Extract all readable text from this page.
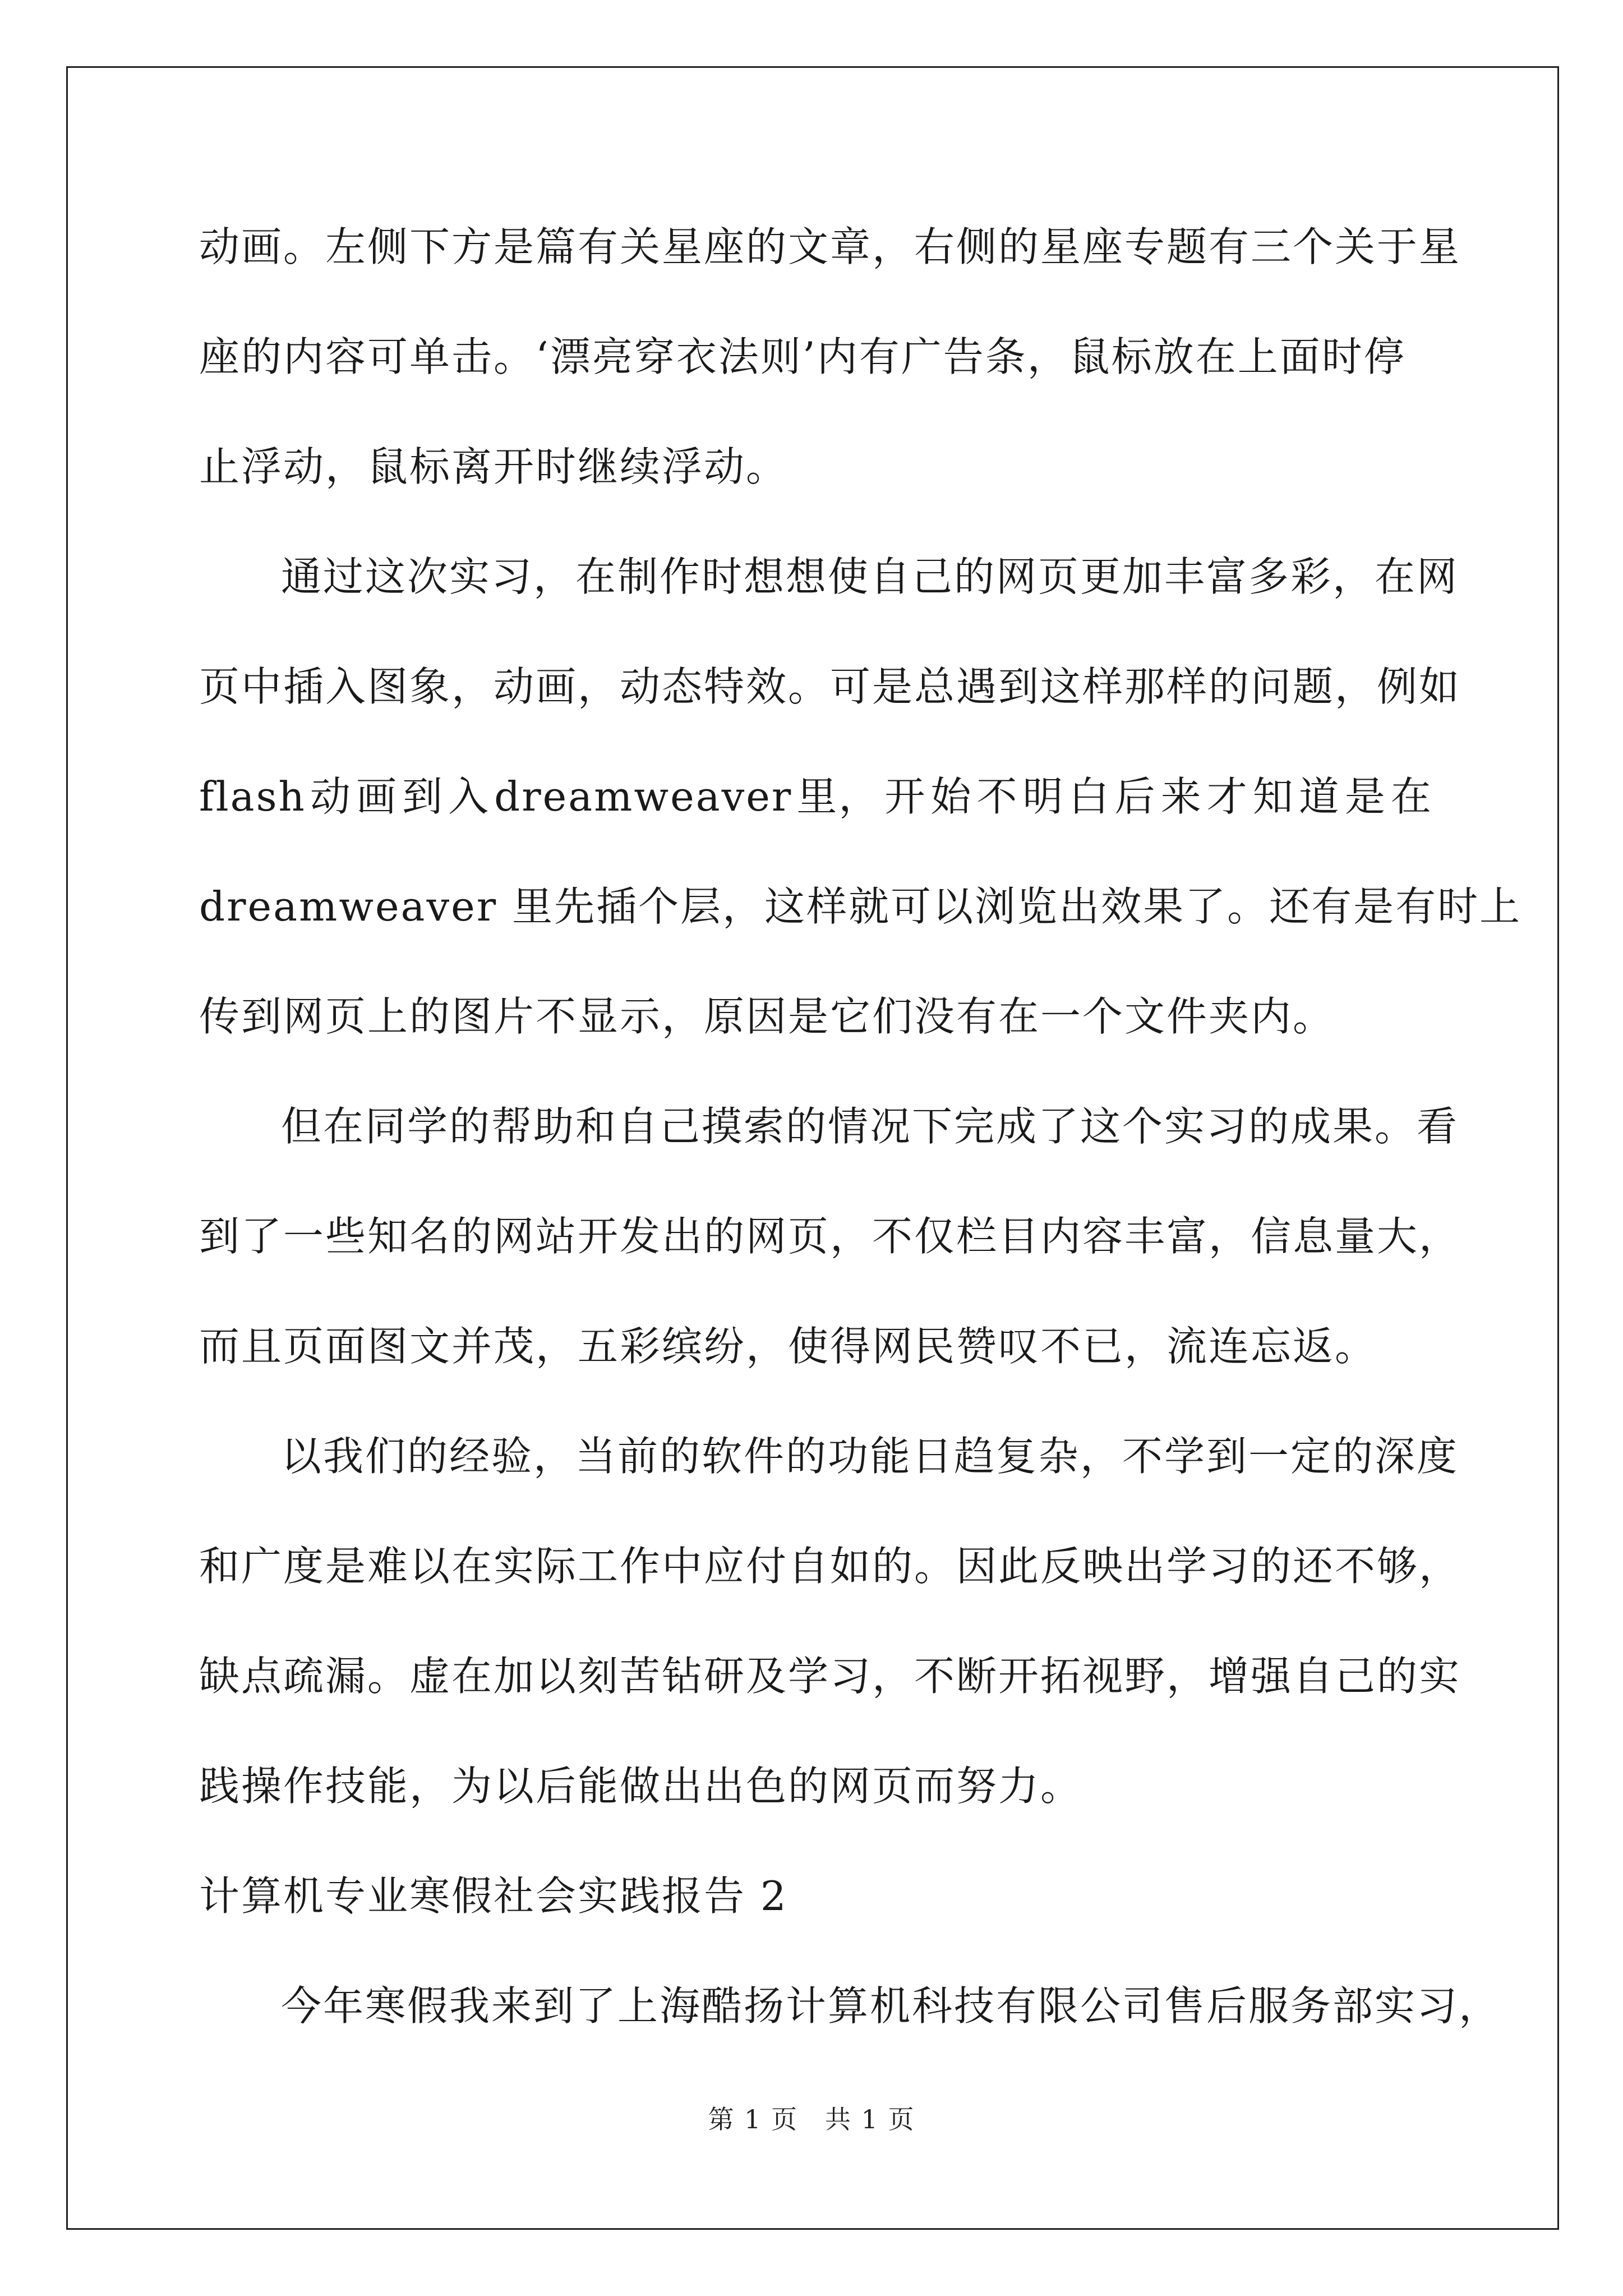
动画。左侧下方是篇有关星座的文章，右侧的星座专题有三个关于星
座的内容可单击。‘漂亮穿衣法则’内有广告条，鼠标放在上面时停
止浮动，鼠标离开时继续浮动。
通过这次实习，在制作时想想使自己的网页更加丰富多彩，在网
页中插入图象，动画，动态特效。可是总遇到这样那样的问题，例如
flash 动 画 到 入 dreamweaver 里， 开 始 不 明 白 后 来 才 知 道 是 在
dreamweaver 里先插个层，这样就可以浏览出效果了。还有是有时上
传到网页上的图片不显示，原因是它们没有在一个文件夹内。
但在同学的帮助和自己摸索的情况下完成了这个实习的成果。看
到了一些知名的网站开发出的网页，不仅栏目内容丰富，信息量大，
而且页面图文并茂，五彩缤纷，使得网民赞叹不已，流连忘返。
以我们的经验，当前的软件的功能日趋复杂，不学到一定的深度
和广度是难以在实际工作中应付自如的。因此反映出学习的还不够，
缺点疏漏。虚在加以刻苦钻研及学习，不断开拓视野，增强自己的实
践操作技能，为以后能做出出色的网页而努力。
计算机专业寒假社会实践报告 2
今年寒假我来到了上海酷扬计算机科技有限公司售后服务部实习，
第 1 页　共 1 页
